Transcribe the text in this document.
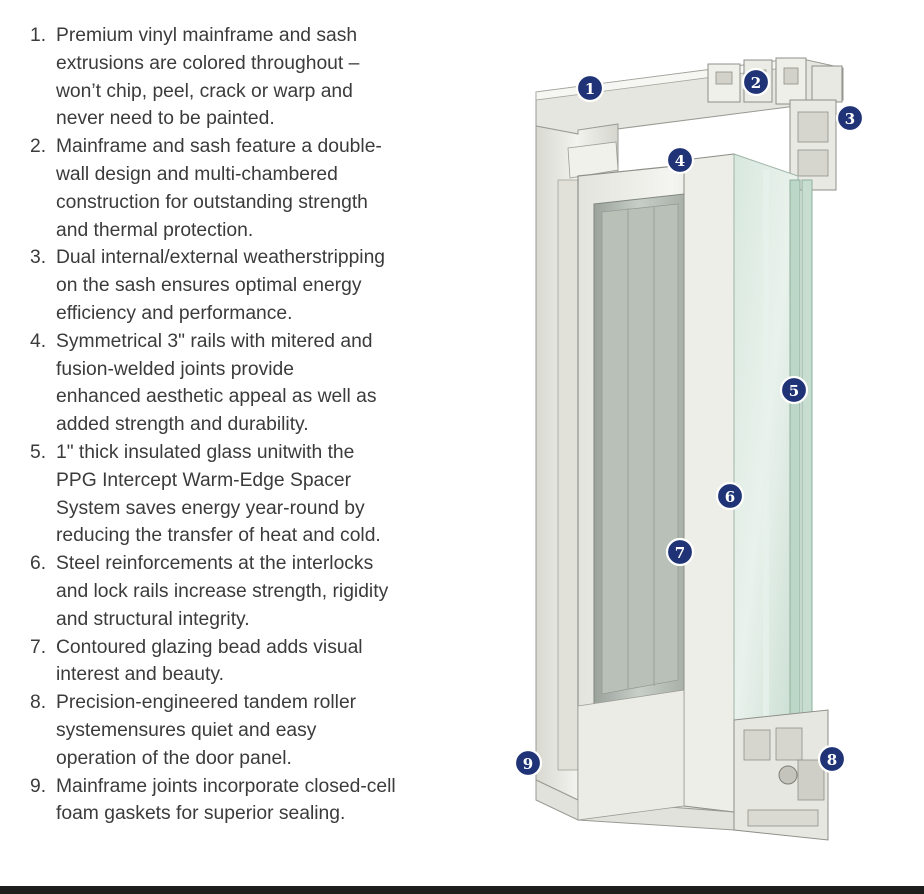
1. Premium vinyl mainframe and sash
extrusions are colored throughout –
won’t chip, peel, crack or warp and
never need to be painted.
2. Mainframe and sash feature a double-
wall design and multi-chambered
construction for outstanding strength
and thermal protection.
3. Dual internal/external weatherstripping
on the sash ensures optimal energy
efficiency and performance.
4. Symmetrical 3" rails with mitered and
fusion-welded joints provide
enhanced aesthetic appeal as well as
added strength and durability.
5. 1" thick insulated glass unitwith the
PPG Intercept Warm-Edge Spacer
System saves energy year-round by
reducing the transfer of heat and cold.
6. Steel reinforcements at the interlocks
and lock rails increase strength, rigidity
and structural integrity.
7. Contoured glazing bead adds visual
interest and beauty.
8. Precision-engineered tandem roller
systemensures quiet and easy
operation of the door panel.
9. Mainframe joints incorporate closed-cell
foam gaskets for superior sealing.
1	2
3
4
5
6
7
8
9
